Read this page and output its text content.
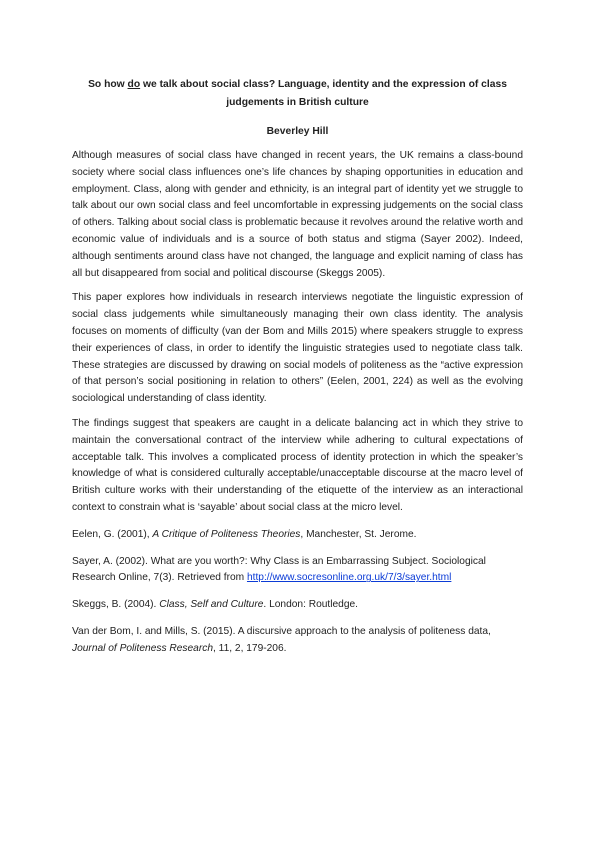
So how do we talk about social class? Language, identity and the expression of class judgements in British culture

Beverley Hill

Although measures of social class have changed in recent years, the UK remains a class-bound society where social class influences one’s life chances by shaping opportunities in education and employment. Class, along with gender and ethnicity, is an integral part of identity yet we struggle to talk about our own social class and feel uncomfortable in expressing judgements on the social class of others. Talking about social class is problematic because it revolves around the relative worth and economic value of individuals and is a source of both status and stigma (Sayer 2002). Indeed, although sentiments around class have not changed, the language and explicit naming of class has all but disappeared from social and political discourse (Skeggs 2005).

This paper explores how individuals in research interviews negotiate the linguistic expression of social class judgements while simultaneously managing their own class identity. The analysis focuses on moments of difficulty (van der Bom and Mills 2015) where speakers struggle to express their experiences of class, in order to identify the linguistic strategies used to negotiate class talk. These strategies are discussed by drawing on social models of politeness as the “active expression of that person’s social positioning in relation to others” (Eelen, 2001, 224) as well as the evolving sociological understanding of class identity.

The findings suggest that speakers are caught in a delicate balancing act in which they strive to maintain the conversational contract of the interview while adhering to cultural expectations of acceptable talk. This involves a complicated process of identity protection in which the speaker’s knowledge of what is considered culturally acceptable/unacceptable discourse at the macro level of British culture works with their understanding of the etiquette of the interview as an interactional context to constrain what is ‘sayable’ about social class at the micro level.

Eelen, G. (2001), A Critique of Politeness Theories, Manchester, St. Jerome.

Sayer, A. (2002). What are you worth?: Why Class is an Embarrassing Subject. Sociological Research Online, 7(3). Retrieved from http://www.socresonline.org.uk/7/3/sayer.html

Skeggs, B. (2004). Class, Self and Culture. London: Routledge.

Van der Bom, I. and Mills, S. (2015). A discursive approach to the analysis of politeness data, Journal of Politeness Research, 11, 2, 179-206.
